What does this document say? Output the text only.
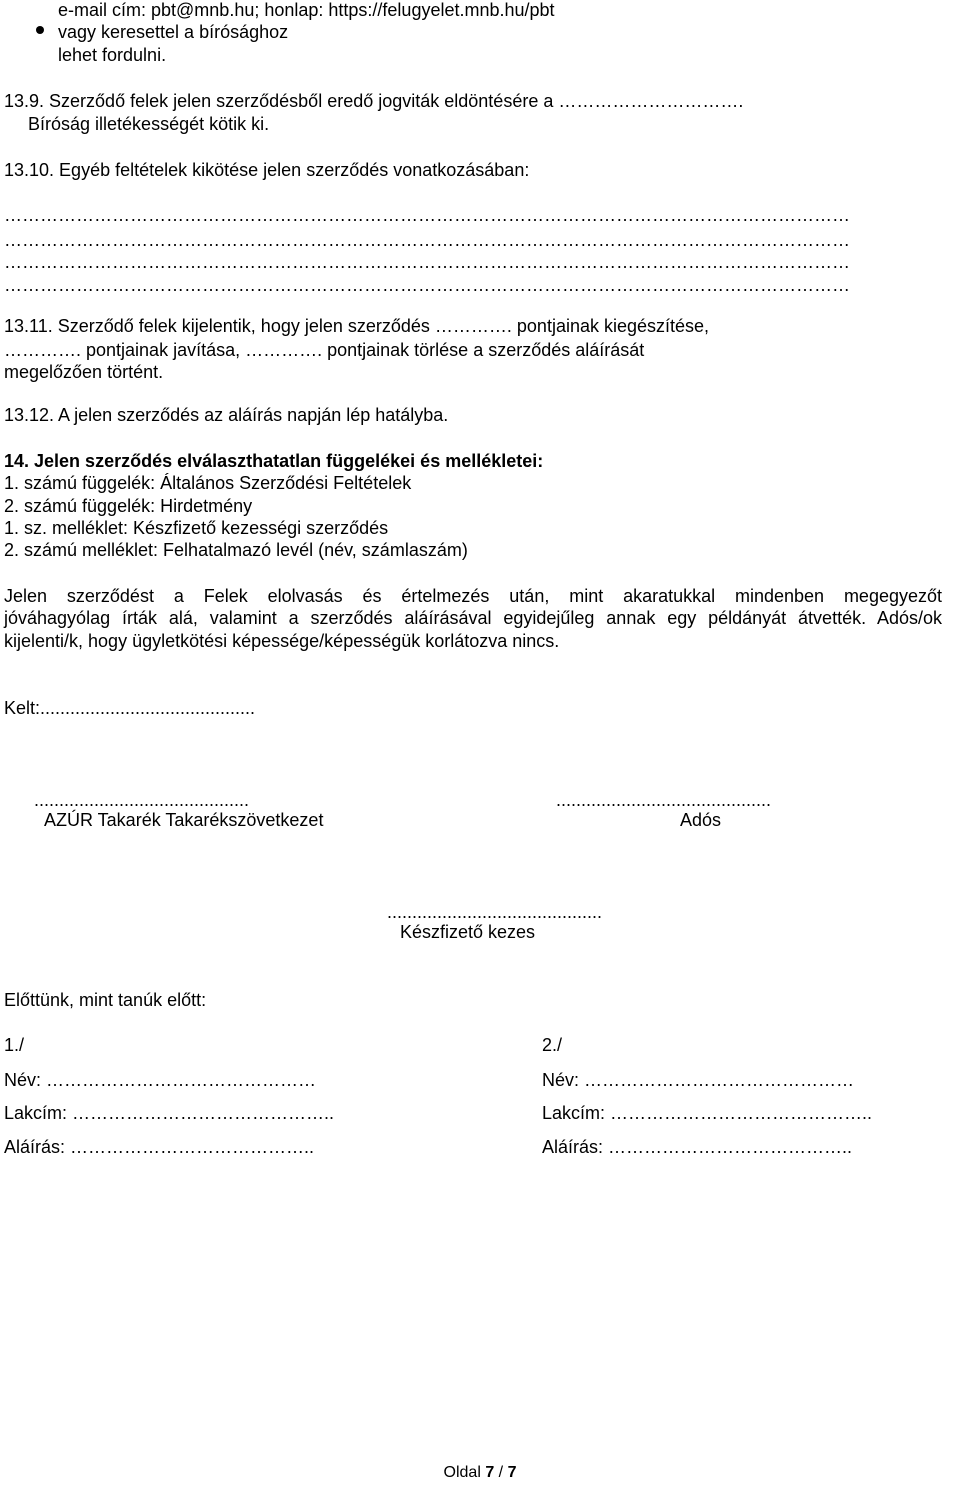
e-mail cím: pbt@mnb.hu; honlap: https://felugyelet.mnb.hu/pbt
vagy keresettel a bírósághoz
lehet fordulni.
13.9. Szerződő felek jelen szerződésből eredő jogviták eldöntésére a ………………………….
Bíróság illetékességét kötik ki.
13.10. Egyéb feltételek kikötése jelen szerződés vonatkozásában:
……………………………………………………………………………………………………………………………
……………………………………………………………………………………………………………………………
……………………………………………………………………………………………………………………………
……………………………………………………………………………………………………………………………
13.11. Szerződő felek kijelentik, hogy jelen szerződés …………. pontjainak kiegészítése,
…………. pontjainak javítása, …………. pontjainak törlése a szerződés aláírását
megelőzően történt.
13.12. A jelen szerződés az aláírás napján lép hatályba.
14. Jelen szerződés elválaszthatatlan függelékei és mellékletei:
1. számú függelék: Általános Szerződési Feltételek
2. számú függelék: Hirdetmény
1. sz. melléklet: Készfizető kezességi szerződés
2. számú melléklet: Felhatalmazó levél (név, számlaszám)
Jelen szerződést a Felek elolvasás és értelmezés után, mint akaratukkal mindenben megegyezőt
jóváhagyólag írták alá, valamint a szerződés aláírásával egyidejűleg annak egy példányát átvették. Adós/ok
kijelenti/k, hogy ügyletkötési képessége/képességük korlátozva nincs.
Kelt:...........................................
...........................................
AZÚR Takarék Takarékszövetkezet
...........................................
Adós
...........................................
Készfizető kezes
Előttünk, mint tanúk előtt:
1./
Név: ………………………………………
Lakcím: ……………………………………..
Aláírás: …………………………………..
2./
Név: ………………………………………
Lakcím: ……………………………………..
Aláírás: …………………………………..
Oldal 7 / 7
